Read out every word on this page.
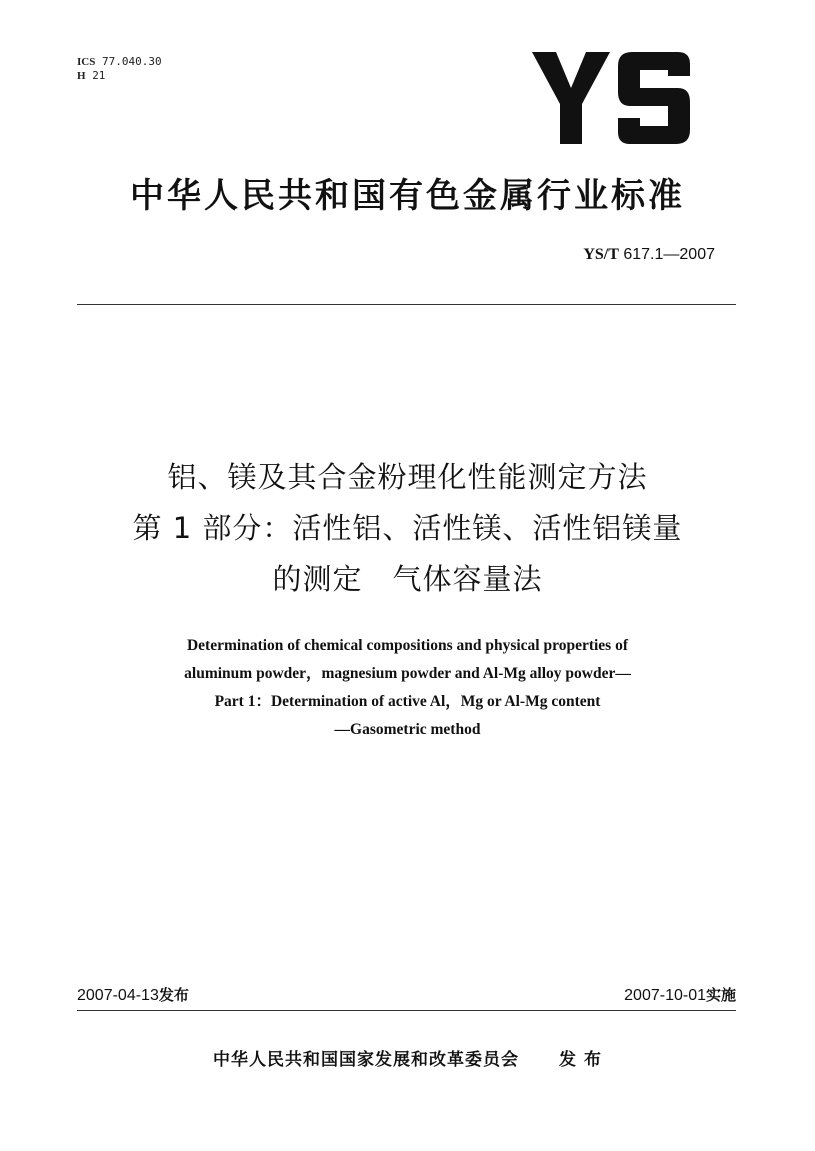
ICS 77.040.30
H 21
中华人民共和国有色金属行业标准
YS/T 617.1—2007
铝、镁及其合金粉理化性能测定方法
第 1 部分：活性铝、活性镁、活性铝镁量
的测定　气体容量法
Determination of chemical compositions and physical properties of
aluminum powder，magnesium powder and Al-Mg alloy powder—
Part 1：Determination of active Al，Mg or Al-Mg content
—Gasometric method
2007-04-13发布	2007-10-01实施
中华人民共和国国家发展和改革委员会 发 布
